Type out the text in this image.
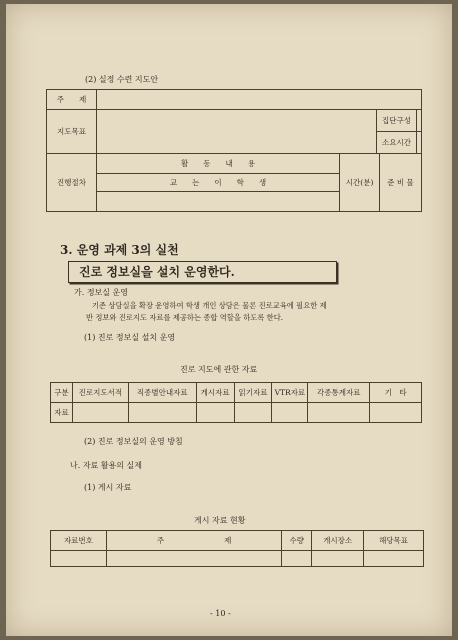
(2) 실정 수련 지도안
주　　제			
지도목표		집단구성	
		소요시간	
진행절차	활　　동　　내　　용	시간(분)	준 비 물
교　　는　　이　　학　　생

3. 운영 과제 3의 실천
진로 정보실을 설치 운영한다.
가. 정보실 운영
기존 상담실을 확장 운영하여 학생 개인 상담은 물론 진로교육에 필요한 제
반 정보와 진로지도 자료를 제공하는 종합 역할을 하도록 한다.
(1) 진로 정보실 설치 운영
진로 지도에 관한 자료
구분	진로지도서적	직종별안내자료	게시자료	읽기자료	VTR자료	각종통계자료	기　타
자료							
(2) 진로 정보실의 운영 방침
나. 자료 활용의 실제
(1) 게시 자료
게시 자료 현황
자료번호	주　　　　　　　　제	수량	게시장소	해당목표

- 10 -
